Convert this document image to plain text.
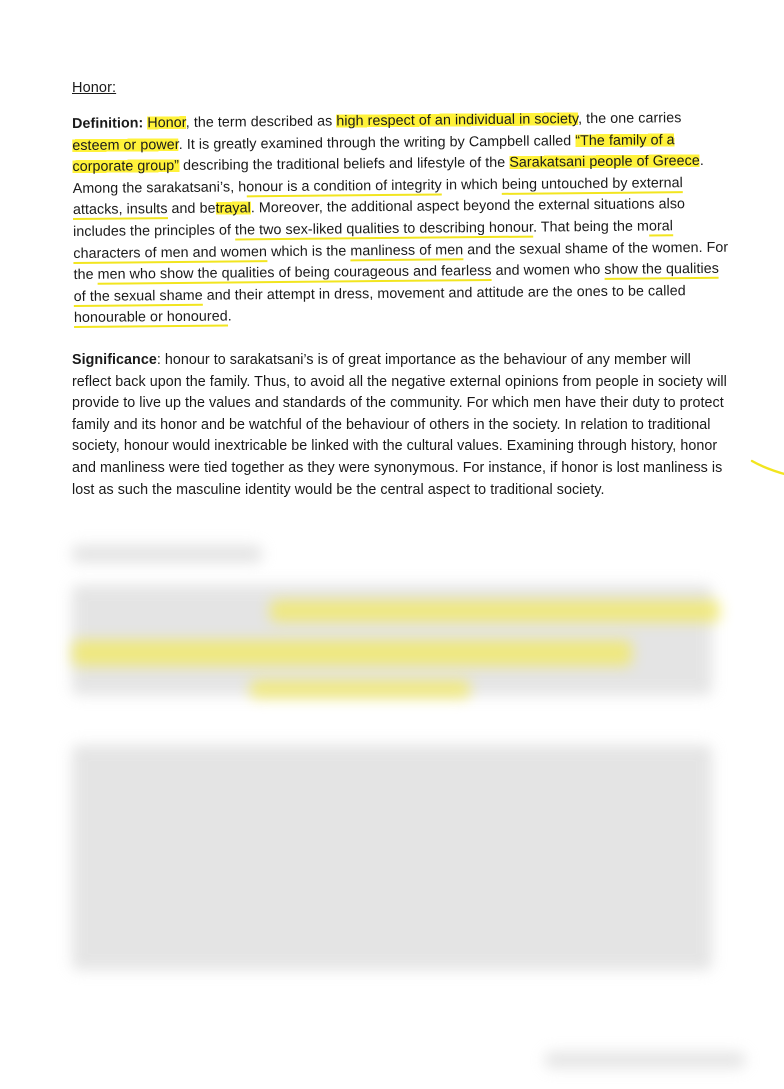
Honor:
Definition: Honor, the term described as high respect of an individual in society, the one carries esteem or power. It is greatly examined through the writing by Campbell called “The family of a corporate group” describing the traditional beliefs and lifestyle of the Sarakatsani people of Greece. Among the sarakatsani’s, honour is a condition of integrity in which being untouched by external attacks, insults and betrayal. Moreover, the additional aspect beyond the external situations also includes the principles of the two sex-liked qualities to describing honour. That being the moral characters of men and women which is the manliness of men and the sexual shame of the women. For the men who show the qualities of being courageous and fearless and women who show the qualities of the sexual shame and their attempt in dress, movement and attitude are the ones to be called honourable or honoured.
Significance: honour to sarakatsani’s is of great importance as the behaviour of any member will reflect back upon the family. Thus, to avoid all the negative external opinions from people in society will provide to live up the values and standards of the community. For which men have their duty to protect family and its honor and be watchful of the behaviour of others in the society. In relation to traditional society, honour would inextricable be linked with the cultural values. Examining through history, honor and manliness were tied together as they were synonymous. For instance, if honor is lost manliness is lost as such the masculine identity would be the central aspect to traditional society.
